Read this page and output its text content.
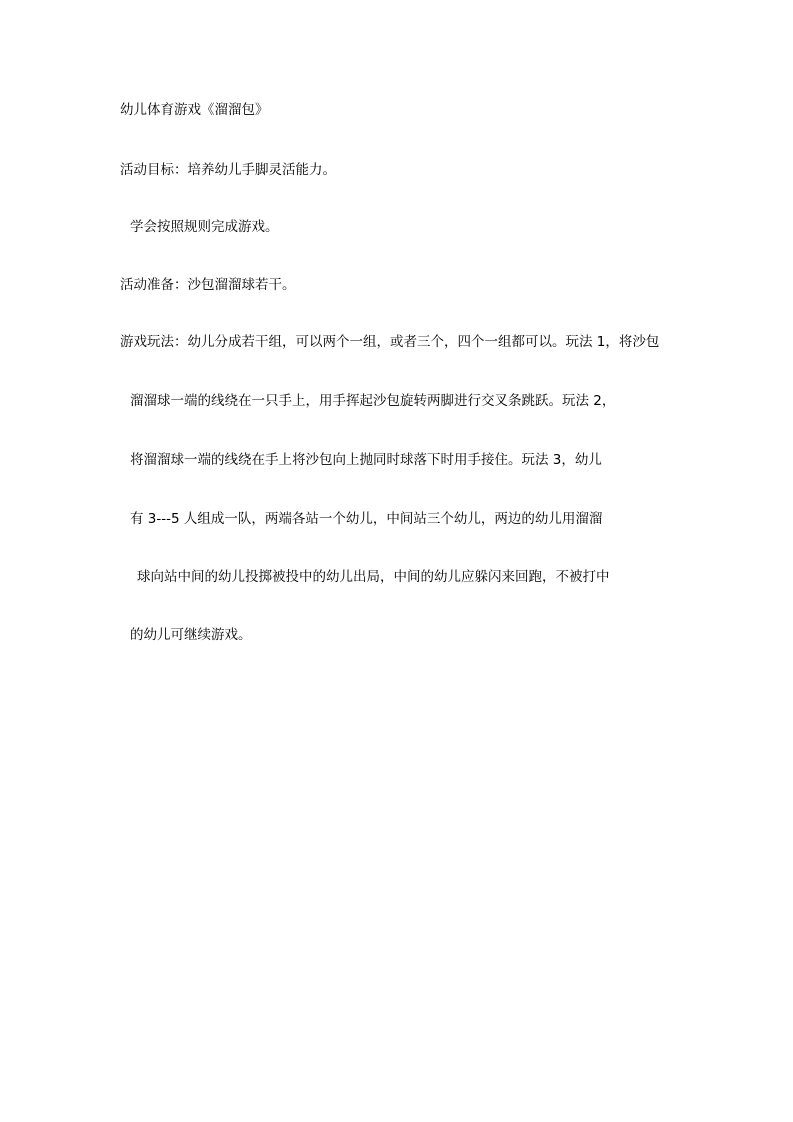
幼儿体育游戏《溜溜包》
活动目标：培养幼儿手脚灵活能力。
学会按照规则完成游戏。
活动准备：沙包溜溜球若干。
游戏玩法：幼儿分成若干组，可以两个一组，或者三个，四个一组都可以。玩法 1，将沙包
溜溜球一端的线绕在一只手上，用手挥起沙包旋转两脚进行交叉条跳跃。玩法 2，
将溜溜球一端的线绕在手上将沙包向上抛同时球落下时用手接住。玩法 3，幼儿
有 3---5 人组成一队，两端各站一个幼儿，中间站三个幼儿，两边的幼儿用溜溜
球向站中间的幼儿投掷被投中的幼儿出局，中间的幼儿应躲闪来回跑，不被打中
的幼儿可继续游戏。
